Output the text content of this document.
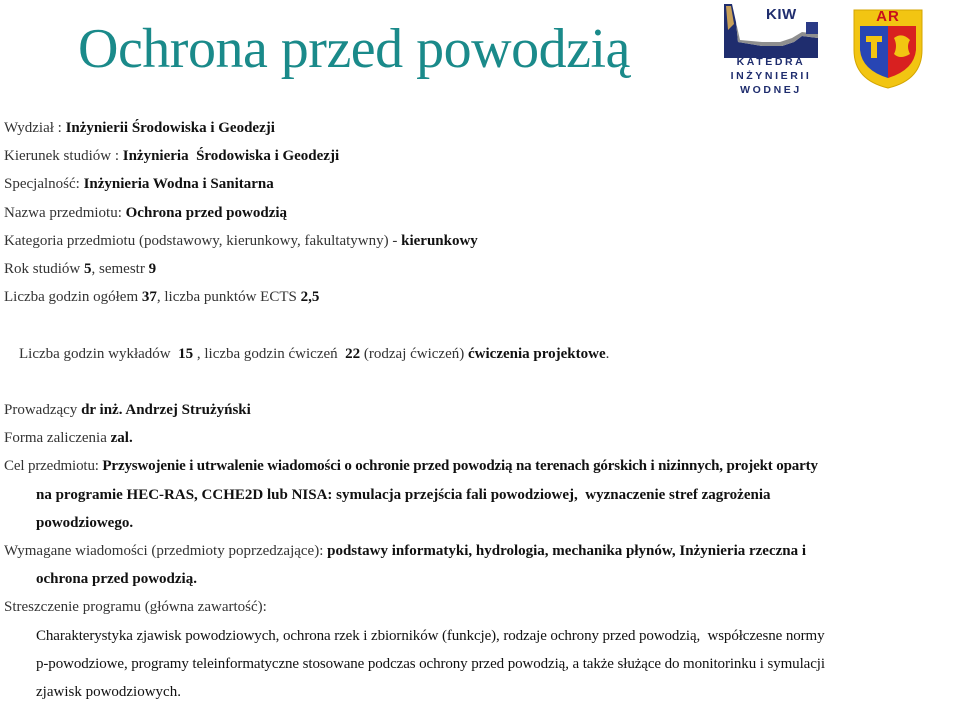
Ochrona przed powodzią
KIW
KATEDRA
INŻYNIERII
WODNEJ
AR
Wydział : Inżynierii Środowiska i Geodezji
Kierunek studiów : Inżynieria  Środowiska i Geodezji
Specjalność: Inżynieria Wodna i Sanitarna
Nazwa przedmiotu: Ochrona przed powodzią
Kategoria przedmiotu (podstawowy, kierunkowy, fakultatywny) - kierunkowy
Rok studiów 5, semestr 9
Liczba godzin ogółem 37, liczba punktów ECTS 2,5

Liczba godzin wykładów  15 , liczba godzin ćwiczeń  22 (rodzaj ćwiczeń) ćwiczenia projektowe.

Prowadzący dr inż. Andrzej Strużyński
Forma zaliczenia zal.
Cel przedmiotu: Przyswojenie i utrwalenie wiadomości o ochronie przed powodzią na terenach górskich i nizinnych, projekt oparty
na programie HEC-RAS, CCHE2D lub NISA: symulacja przejścia fali powodziowej,  wyznaczenie stref zagrożenia
powodziowego.
Wymagane wiadomości (przedmioty poprzedzające): podstawy informatyki, hydrologia, mechanika płynów, Inżynieria rzeczna i
ochrona przed powodzią.
Streszczenie programu (główna zawartość):
Charakterystyka zjawisk powodziowych, ochrona rzek i zbiorników (funkcje), rodzaje ochrony przed powodzią,  współczesne normy
p-powodziowe, programy teleinformatyczne stosowane podczas ochrony przed powodzią, a także służące do monitorinku i symulacji
zjawisk powodziowych.
